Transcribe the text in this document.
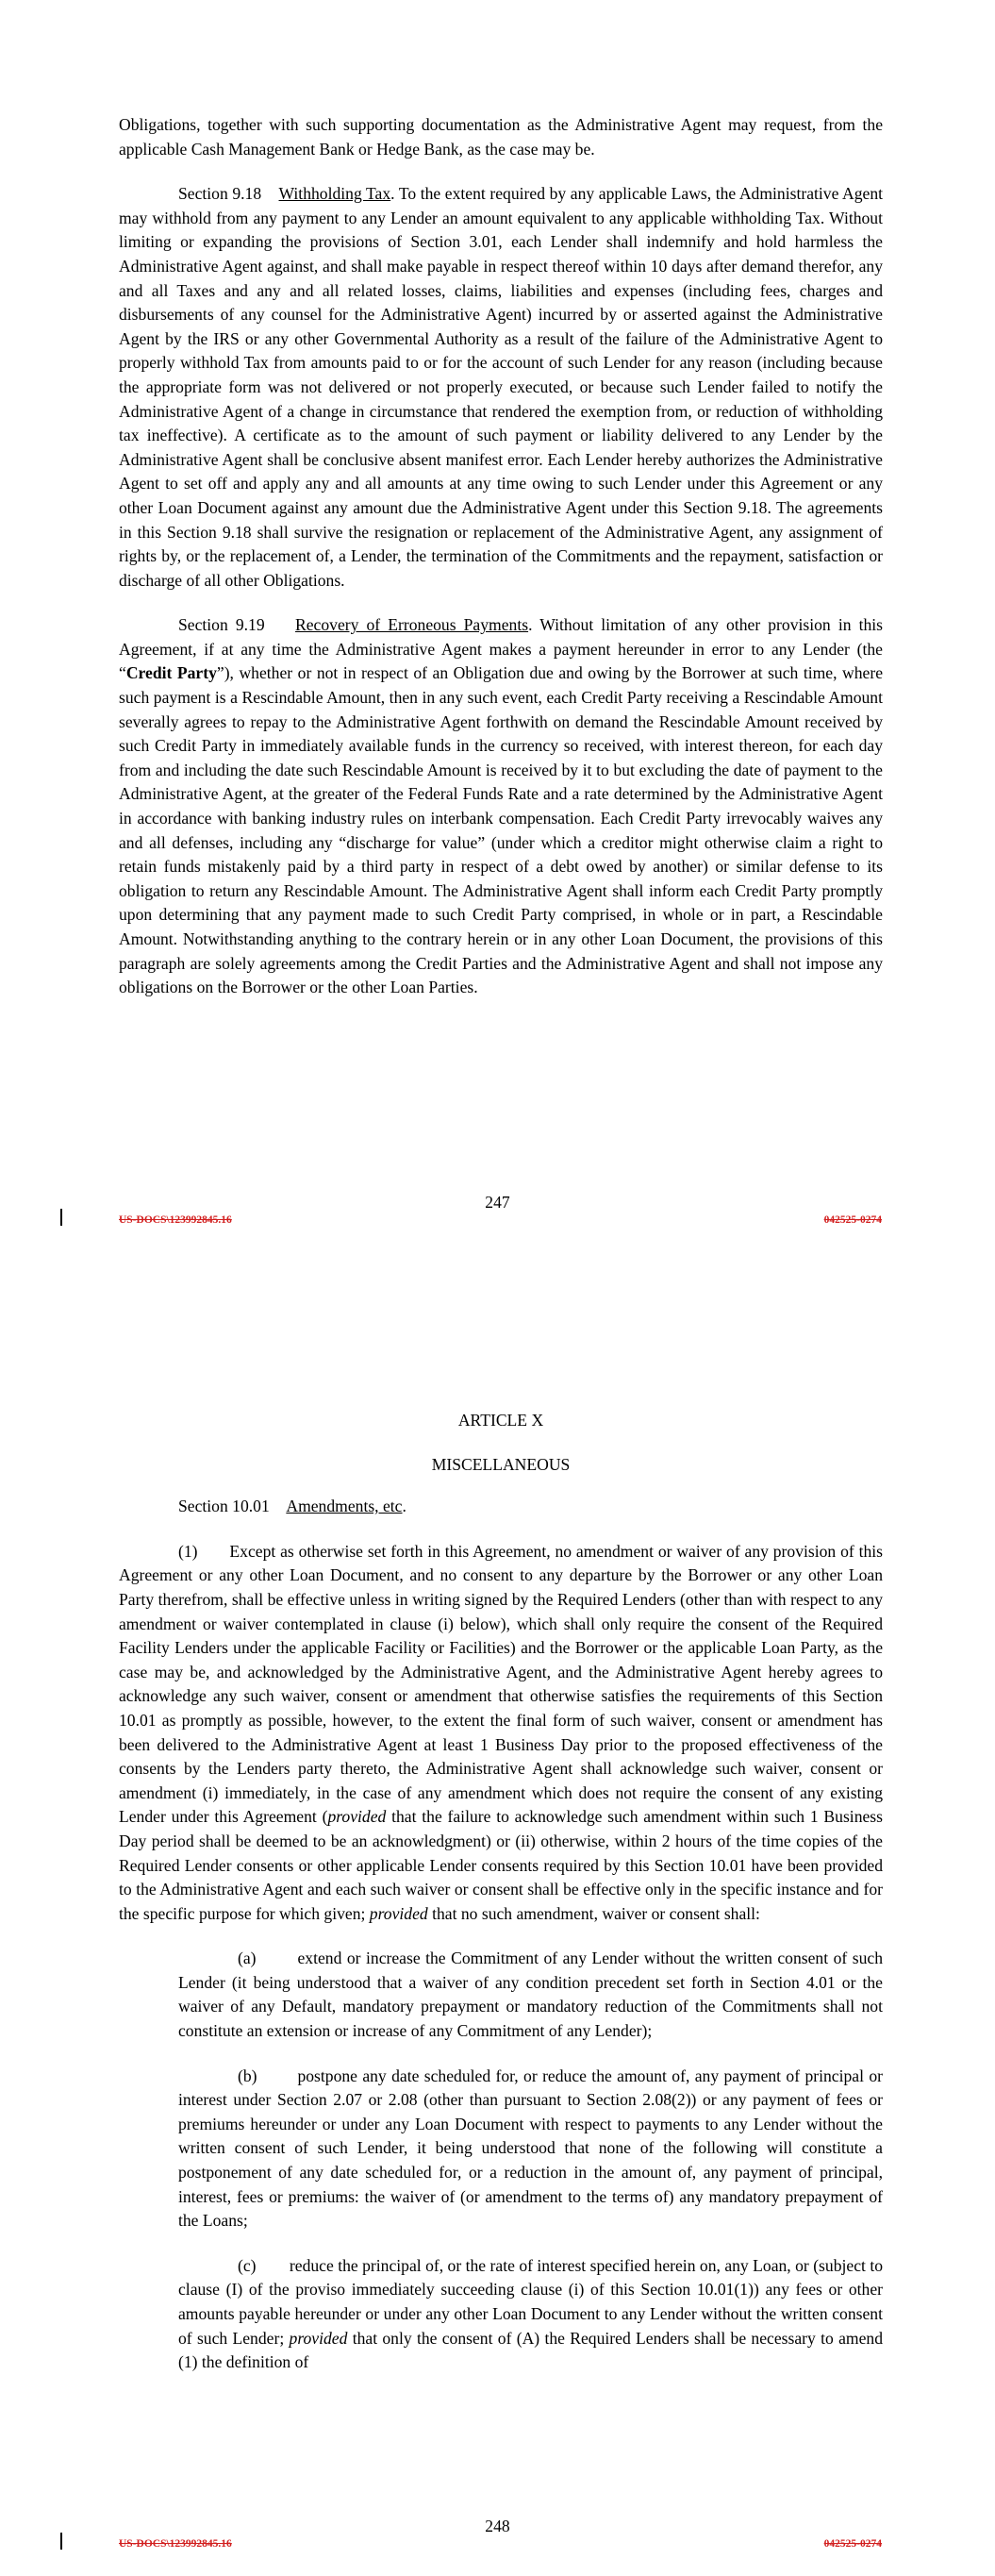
Obligations, together with such supporting documentation as the Administrative Agent may request, from the applicable Cash Management Bank or Hedge Bank, as the case may be.

Section 9.18 Withholding Tax. To the extent required by any applicable Laws, the Administrative Agent may withhold from any payment to any Lender an amount equivalent to any applicable withholding Tax. Without limiting or expanding the provisions of Section 3.01, each Lender shall indemnify and hold harmless the Administrative Agent against, and shall make payable in respect thereof within 10 days after demand therefor, any and all Taxes and any and all related losses, claims, liabilities and expenses (including fees, charges and disbursements of any counsel for the Administrative Agent) incurred by or asserted against the Administrative Agent by the IRS or any other Governmental Authority as a result of the failure of the Administrative Agent to properly withhold Tax from amounts paid to or for the account of such Lender for any reason (including because the appropriate form was not delivered or not properly executed, or because such Lender failed to notify the Administrative Agent of a change in circumstance that rendered the exemption from, or reduction of withholding tax ineffective). A certificate as to the amount of such payment or liability delivered to any Lender by the Administrative Agent shall be conclusive absent manifest error. Each Lender hereby authorizes the Administrative Agent to set off and apply any and all amounts at any time owing to such Lender under this Agreement or any other Loan Document against any amount due the Administrative Agent under this Section 9.18. The agreements in this Section 9.18 shall survive the resignation or replacement of the Administrative Agent, any assignment of rights by, or the replacement of, a Lender, the termination of the Commitments and the repayment, satisfaction or discharge of all other Obligations.

Section 9.19 Recovery of Erroneous Payments. Without limitation of any other provision in this Agreement, if at any time the Administrative Agent makes a payment hereunder in error to any Lender (the “Credit Party”), whether or not in respect of an Obligation due and owing by the Borrower at such time, where such payment is a Rescindable Amount, then in any such event, each Credit Party receiving a Rescindable Amount severally agrees to repay to the Administrative Agent forthwith on demand the Rescindable Amount received by such Credit Party in immediately available funds in the currency so received, with interest thereon, for each day from and including the date such Rescindable Amount is received by it to but excluding the date of payment to the Administrative Agent, at the greater of the Federal Funds Rate and a rate determined by the Administrative Agent in accordance with banking industry rules on interbank compensation. Each Credit Party irrevocably waives any and all defenses, including any “discharge for value” (under which a creditor might otherwise claim a right to retain funds mistakenly paid by a third party in respect of a debt owed by another) or similar defense to its obligation to return any Rescindable Amount. The Administrative Agent shall inform each Credit Party promptly upon determining that any payment made to such Credit Party comprised, in whole or in part, a Rescindable Amount. Notwithstanding anything to the contrary herein or in any other Loan Document, the provisions of this paragraph are solely agreements among the Credit Parties and the Administrative Agent and shall not impose any obligations on the Borrower or the other Loan Parties.

247
US-DOCS\123992845.16	042525-0274

ARTICLE X

MISCELLANEOUS

Section 10.01 Amendments, etc.

(1) Except as otherwise set forth in this Agreement, no amendment or waiver of any provision of this Agreement or any other Loan Document, and no consent to any departure by the Borrower or any other Loan Party therefrom, shall be effective unless in writing signed by the Required Lenders (other than with respect to any amendment or waiver contemplated in clause (i) below), which shall only require the consent of the Required Facility Lenders under the applicable Facility or Facilities) and the Borrower or the applicable Loan Party, as the case may be, and acknowledged by the Administrative Agent, and the Administrative Agent hereby agrees to acknowledge any such waiver, consent or amendment that otherwise satisfies the requirements of this Section 10.01 as promptly as possible, however, to the extent the final form of such waiver, consent or amendment has been delivered to the Administrative Agent at least 1 Business Day prior to the proposed effectiveness of the consents by the Lenders party thereto, the Administrative Agent shall acknowledge such waiver, consent or amendment (i) immediately, in the case of any amendment which does not require the consent of any existing Lender under this Agreement (provided that the failure to acknowledge such amendment within such 1 Business Day period shall be deemed to be an acknowledgment) or (ii) otherwise, within 2 hours of the time copies of the Required Lender consents or other applicable Lender consents required by this Section 10.01 have been provided to the Administrative Agent and each such waiver or consent shall be effective only in the specific instance and for the specific purpose for which given; provided that no such amendment, waiver or consent shall:

(a) extend or increase the Commitment of any Lender without the written consent of such Lender (it being understood that a waiver of any condition precedent set forth in Section 4.01 or the waiver of any Default, mandatory prepayment or mandatory reduction of the Commitments shall not constitute an extension or increase of any Commitment of any Lender);

(b) postpone any date scheduled for, or reduce the amount of, any payment of principal or interest under Section 2.07 or 2.08 (other than pursuant to Section 2.08(2)) or any payment of fees or premiums hereunder or under any Loan Document with respect to payments to any Lender without the written consent of such Lender, it being understood that none of the following will constitute a postponement of any date scheduled for, or a reduction in the amount of, any payment of principal, interest, fees or premiums: the waiver of (or amendment to the terms of) any mandatory prepayment of the Loans;

(c) reduce the principal of, or the rate of interest specified herein on, any Loan, or (subject to clause (I) of the proviso immediately succeeding clause (i) of this Section 10.01(1)) any fees or other amounts payable hereunder or under any other Loan Document to any Lender without the written consent of such Lender; provided that only the consent of (A) the Required Lenders shall be necessary to amend (1) the definition of

248
US-DOCS\123992845.16	042525-0274
